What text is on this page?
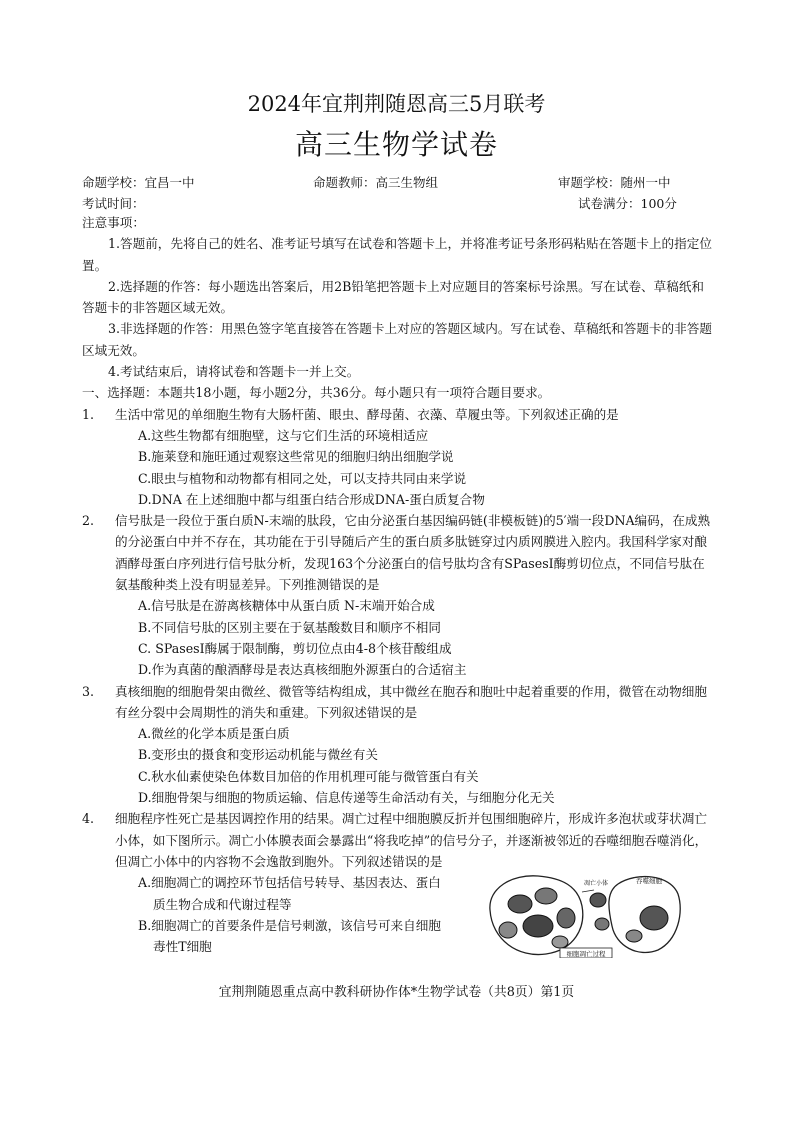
2024年宜荆荆随恩高三5月联考
高三生物学试卷
命题学校：宜昌一中	命题教师：高三生物组	审题学校：随州一中
考试时间：	试卷满分：100分

注意事项：

1.答题前，先将自己的姓名、准考证号填写在试卷和答题卡上，并将准考证号条形码粘贴在答题卡上的指定位置。

2.选择题的作答：每小题选出答案后，用2B铅笔把答题卡上对应题目的答案标号涂黑。写在试卷、草稿纸和答题卡的非答题区域无效。

3.非选择题的作答：用黑色签字笔直接答在答题卡上对应的答题区域内。写在试卷、草稿纸和答题卡的非答题区域无效。

4.考试结束后，请将试卷和答题卡一并上交。

一、选择题：本题共18小题，每小题2分，共36分。每小题只有一项符合题目要求。

1. 生活中常见的单细胞生物有大肠杆菌、眼虫、酵母菌、衣藻、草履虫等。下列叙述正确的是

A.这些生物都有细胞壁，这与它们生活的环境相适应

B.施莱登和施旺通过观察这些常见的细胞归纳出细胞学说

C.眼虫与植物和动物都有相同之处，可以支持共同由来学说

D.DNA 在上述细胞中都与组蛋白结合形成DNA-蛋白质复合物

2. 信号肽是一段位于蛋白质N-末端的肽段，它由分泌蛋白基因编码链(非模板链)的5′端一段DNA编码，在成熟的分泌蛋白中并不存在，其功能在于引导随后产生的蛋白质多肽链穿过内质网膜进入腔内。我国科学家对酿酒酵母蛋白序列进行信号肽分析，发现163个分泌蛋白的信号肽均含有SPasesI酶剪切位点，不同信号肽在氨基酸种类上没有明显差异。下列推测错误的是

A.信号肽是在游离核糖体中从蛋白质 N-末端开始合成

B.不同信号肽的区别主要在于氨基酸数目和顺序不相同

C. SPasesI酶属于限制酶，剪切位点由4-8个核苷酸组成

D.作为真菌的酿酒酵母是表达真核细胞外源蛋白的合适宿主

3. 真核细胞的细胞骨架由微丝、微管等结构组成，其中微丝在胞吞和胞吐中起着重要的作用，微管在动物细胞有丝分裂中会周期性的消失和重建。下列叙述错误的是

A.微丝的化学本质是蛋白质

B.变形虫的摄食和变形运动机能与微丝有关

C.秋水仙素使染色体数目加倍的作用机理可能与微管蛋白有关

D.细胞骨架与细胞的物质运输、信息传递等生命活动有关，与细胞分化无关

4. 细胞程序性死亡是基因调控作用的结果。凋亡过程中细胞膜反折并包围细胞碎片，形成许多泡状或芽状凋亡小体，如下图所示。凋亡小体膜表面会暴露出“将我吃掉”的信号分子，并逐渐被邻近的吞噬细胞吞噬消化，但凋亡小体中的内容物不会逸散到胞外。下列叙述错误的是

A.细胞凋亡的调控环节包括信号转导、基因表达、蛋白
质生物合成和代谢过程等
B.细胞凋亡的首要条件是信号刺激，该信号可来自细胞
毒性T细胞
吞噬细胞
凋亡小体
细胞凋亡过程
宜荆荆随恩重点高中教科研协作体*生物学试卷（共8页）第1页
